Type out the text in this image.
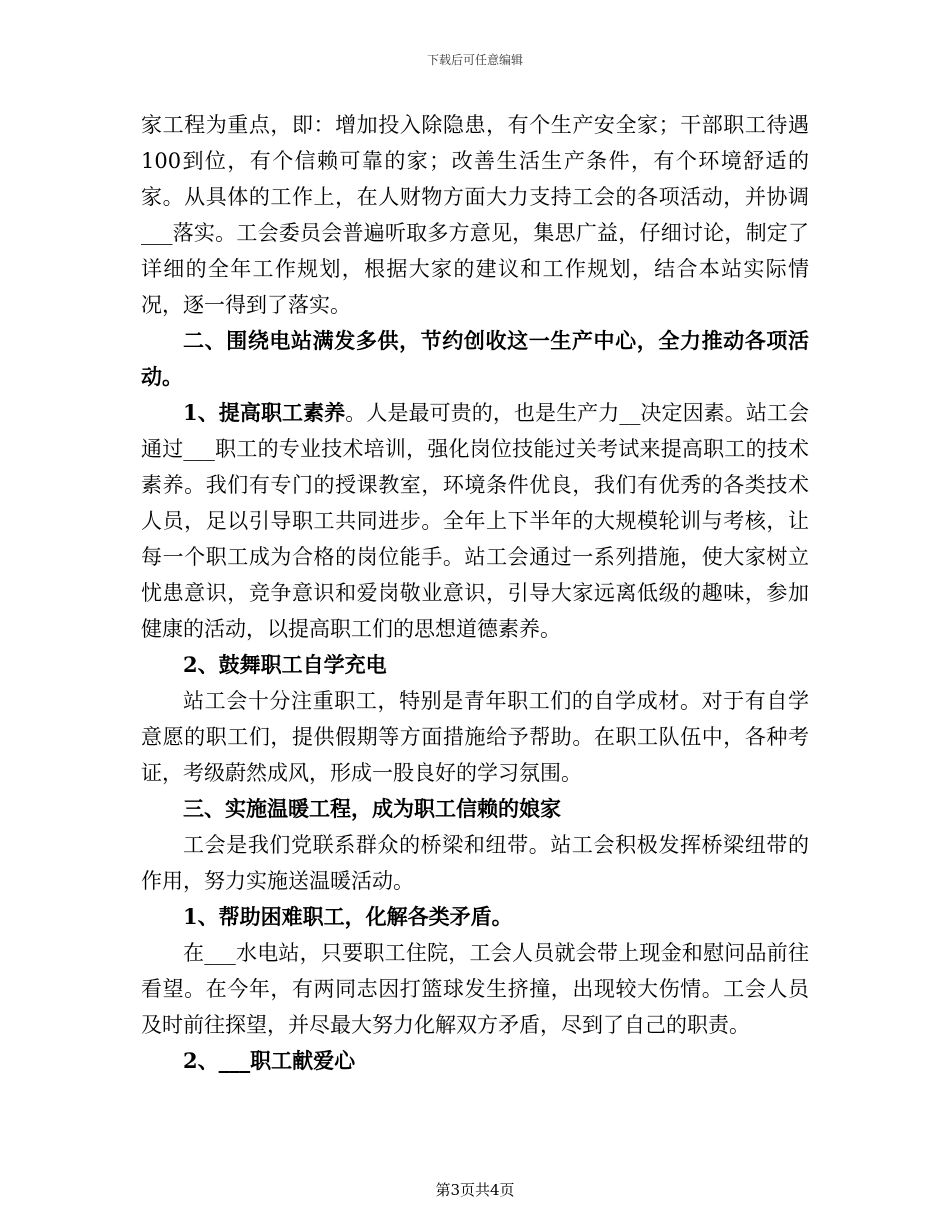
下载后可任意编辑

家工程为重点，即：增加投入除隐患，有个生产安全家；干部职工待遇100到位，有个信赖可靠的家；改善生活生产条件，有个环境舒适的家。从具体的工作上，在人财物方面大力支持工会的各项活动，并协调___落实。工会委员会普遍听取多方意见，集思广益，仔细讨论，制定了详细的全年工作规划，根据大家的建议和工作规划，结合本站实际情况，逐一得到了落实。

二、围绕电站满发多供，节约创收这一生产中心，全力推动各项活动。

1、提高职工素养。人是最可贵的，也是生产力__决定因素。站工会通过___职工的专业技术培训，强化岗位技能过关考试来提高职工的技术素养。我们有专门的授课教室，环境条件优良，我们有优秀的各类技术人员，足以引导职工共同进步。全年上下半年的大规模轮训与考核，让每一个职工成为合格的岗位能手。站工会通过一系列措施，使大家树立忧患意识，竞争意识和爱岗敬业意识，引导大家远离低级的趣味，参加健康的活动，以提高职工们的思想道德素养。

2、鼓舞职工自学充电

站工会十分注重职工，特别是青年职工们的自学成材。对于有自学意愿的职工们，提供假期等方面措施给予帮助。在职工队伍中，各种考证，考级蔚然成风，形成一股良好的学习氛围。

三、实施温暖工程，成为职工信赖的娘家

工会是我们党联系群众的桥梁和纽带。站工会积极发挥桥梁纽带的作用，努力实施送温暖活动。

1、帮助困难职工，化解各类矛盾。

在___水电站，只要职工住院，工会人员就会带上现金和慰问品前往看望。在今年，有两同志因打篮球发生挤撞，出现较大伤情。工会人员及时前往探望，并尽最大努力化解双方矛盾，尽到了自己的职责。

2、___职工献爱心

第3页共4页
